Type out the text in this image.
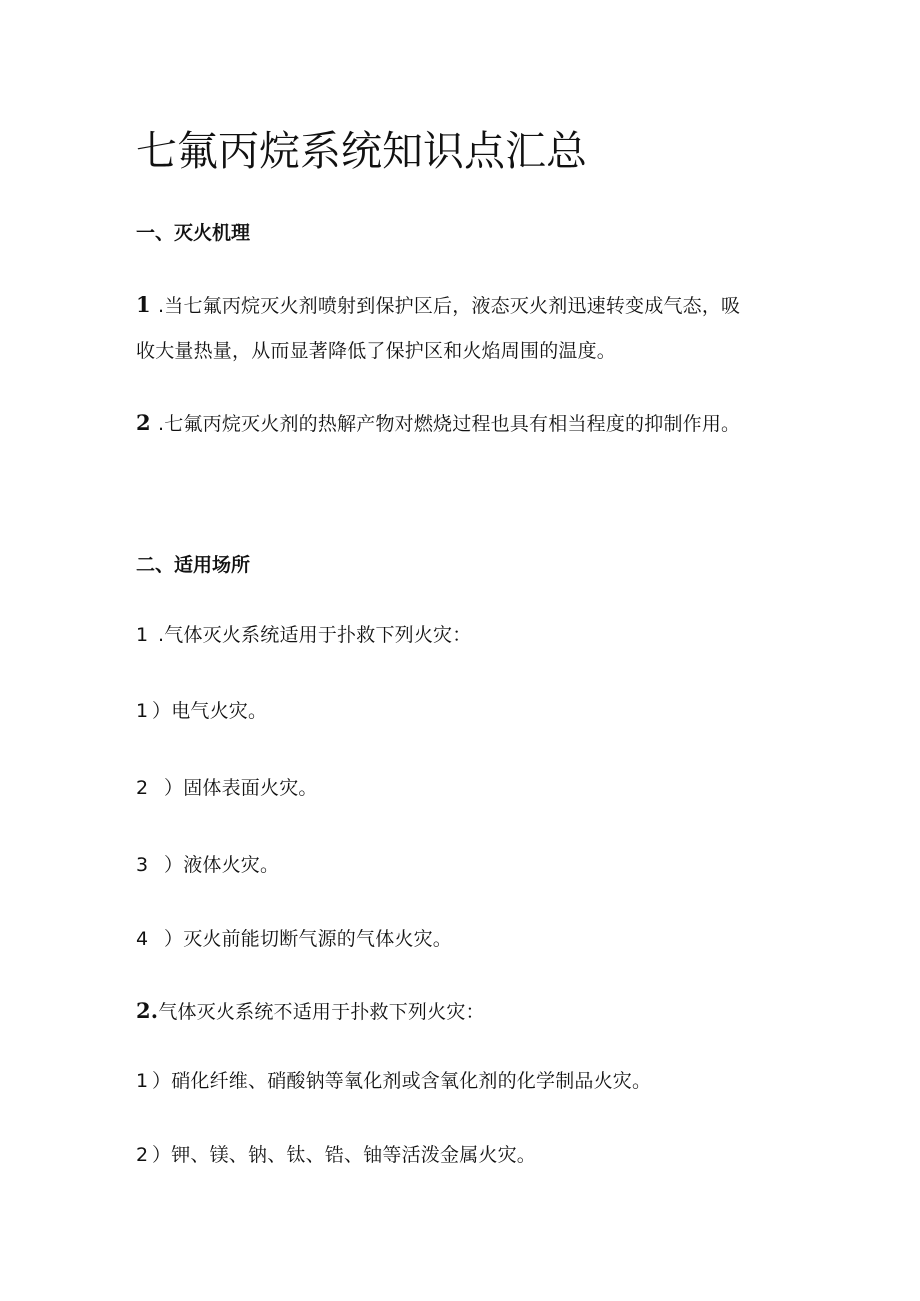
七氟丙烷系统知识点汇总
一、灭火机理
1 .当七氟丙烷灭火剂喷射到保护区后，液态灭火剂迅速转变成气态，吸
收大量热量，从而显著降低了保护区和火焰周围的温度。
2 .七氟丙烷灭火剂的热解产物对燃烧过程也具有相当程度的抑制作用。
二、适用场所
1 .气体灭火系统适用于扑救下列火灾：
1 ）电气火灾。
2 ）固体表面火灾。
3 ）液体火灾。
4 ）灭火前能切断气源的气体火灾。
2.气体灭火系统不适用于扑救下列火灾：
1 ）硝化纤维、硝酸钠等氧化剂或含氧化剂的化学制品火灾。
2 ）钾、镁、钠、钛、锆、铀等活泼金属火灾。
